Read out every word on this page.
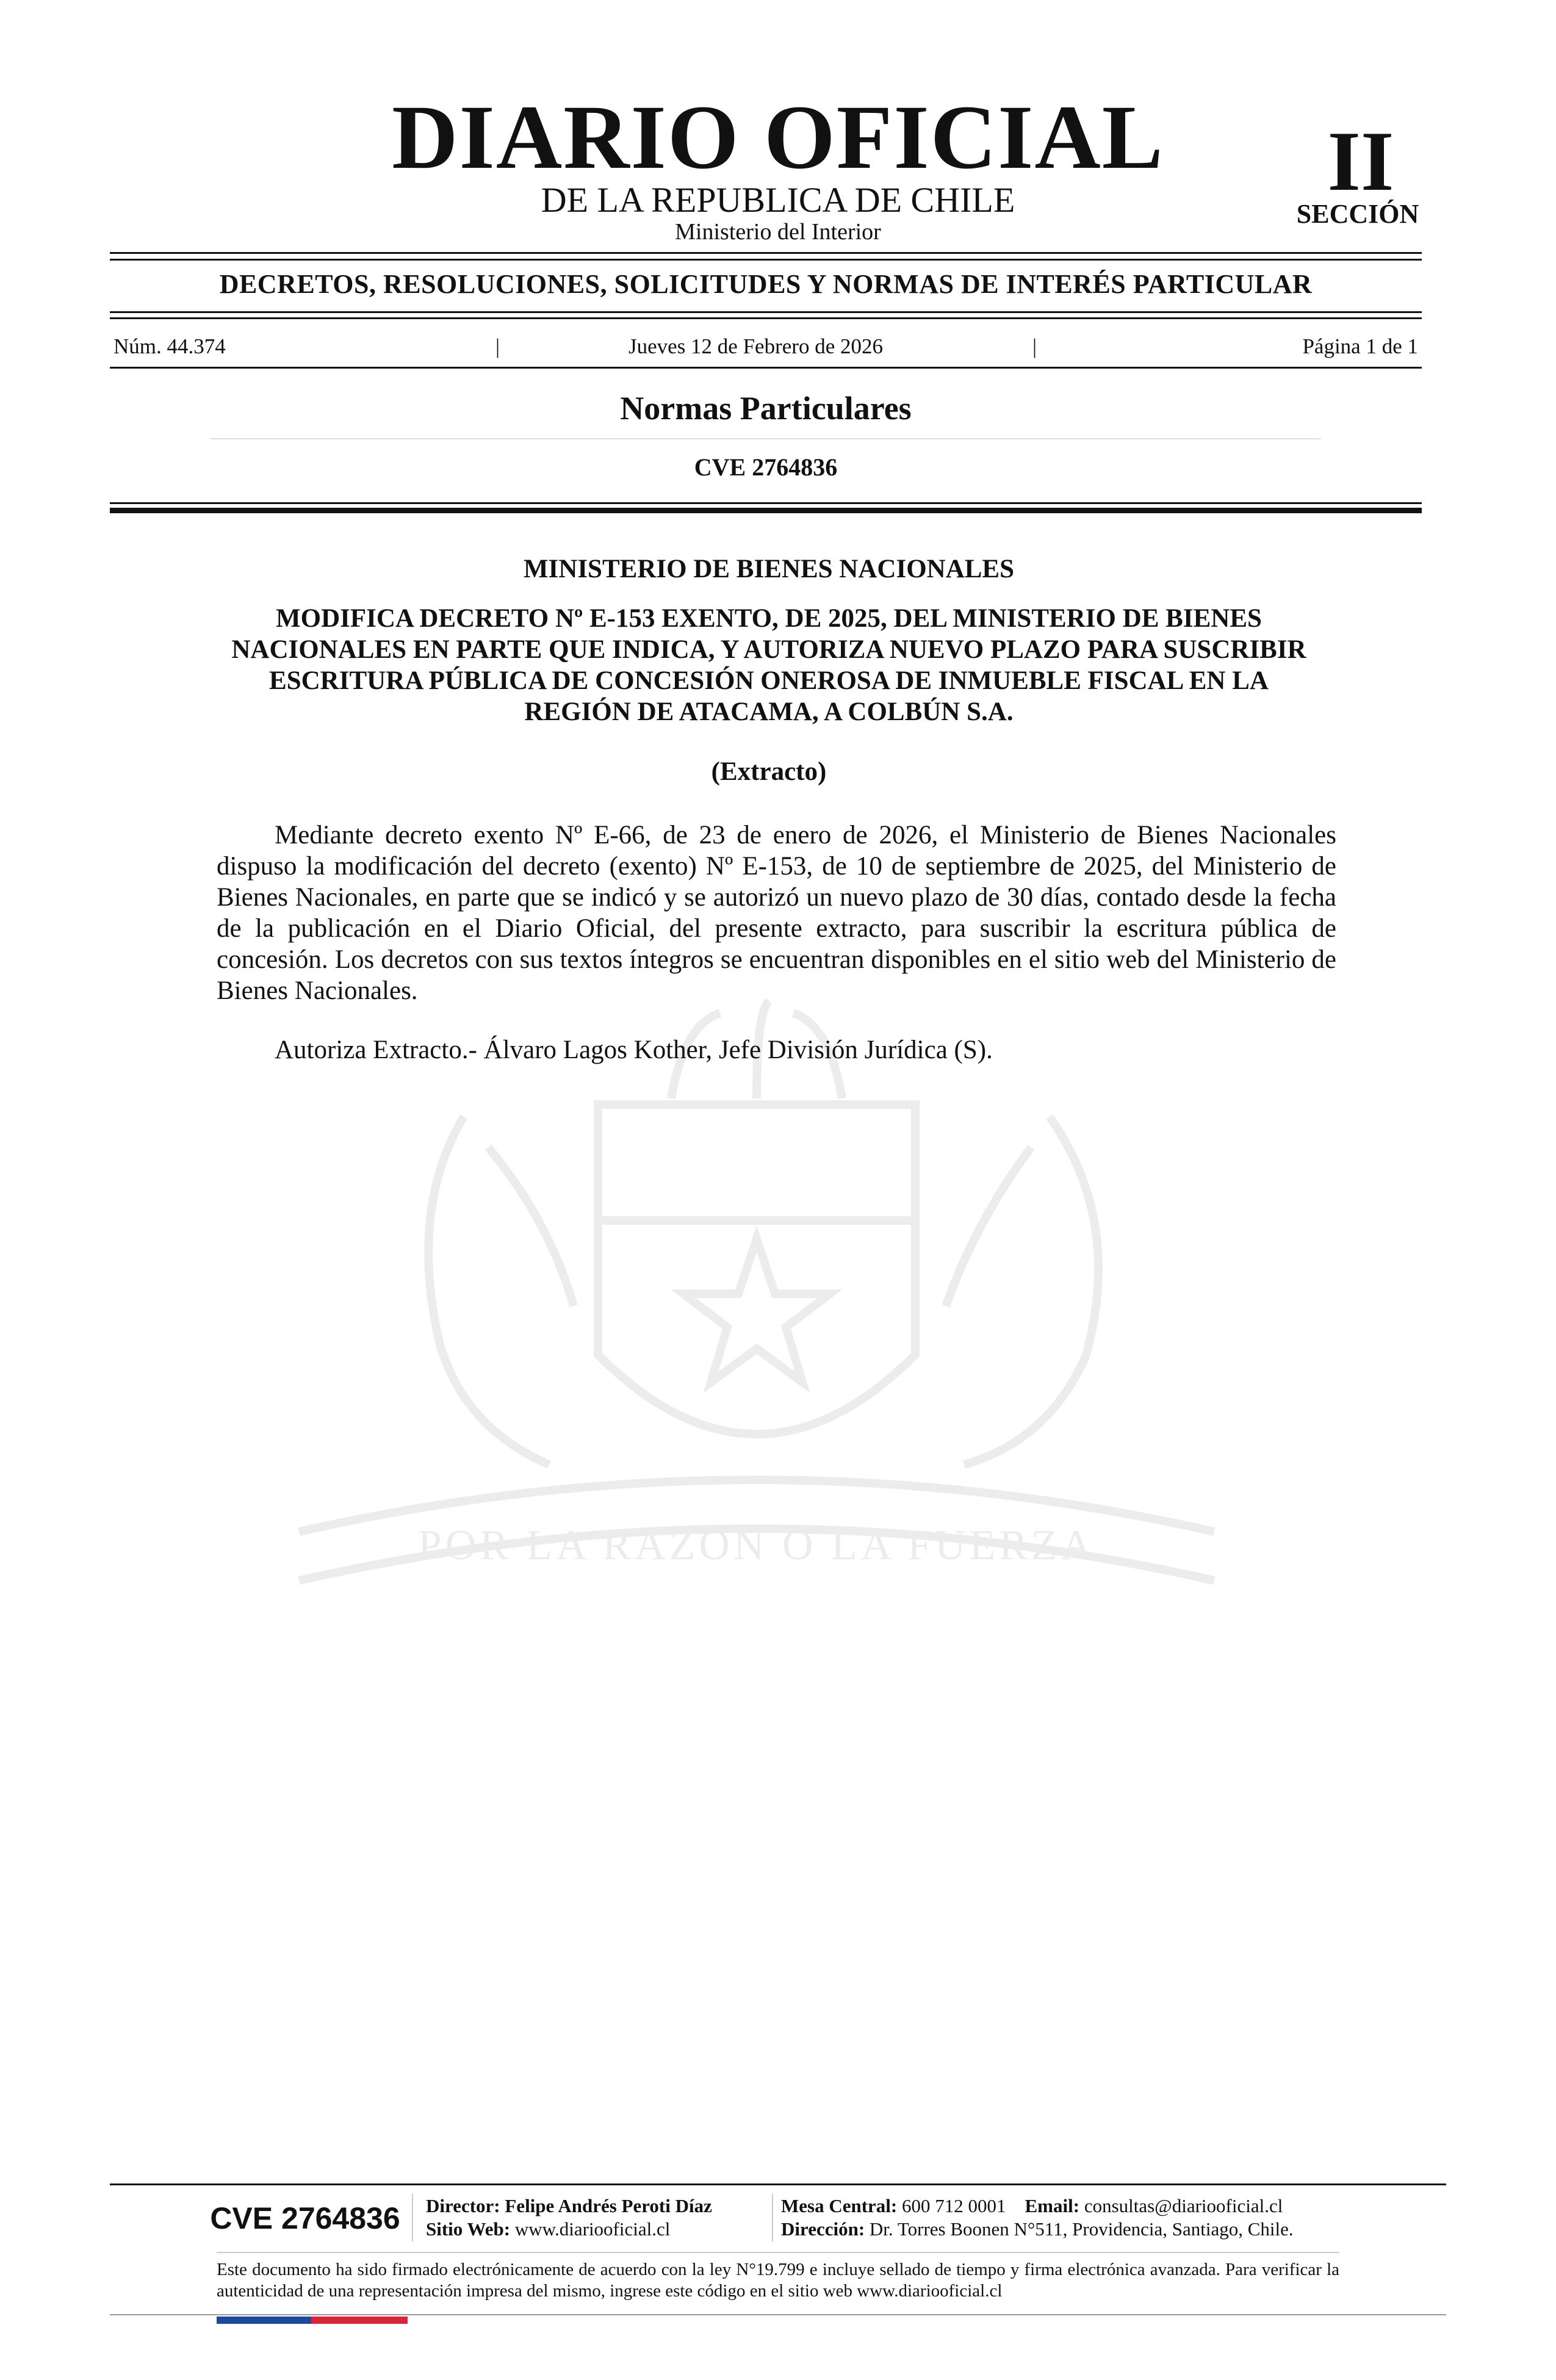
POR LA RAZON O LA FUERZA
DIARIO OFICIAL
DE LA REPUBLICA DE CHILE
Ministerio del Interior
II
SECCIÓN
DECRETOS, RESOLUCIONES, SOLICITUDES Y NORMAS DE INTERÉS PARTICULAR
Núm. 44.374	|	Jueves 12 de Febrero de 2026	|	Página 1 de 1
Normas Particulares
CVE 2764836
MINISTERIO DE BIENES NACIONALES
MODIFICA DECRETO Nº E-153 EXENTO, DE 2025, DEL MINISTERIO DE BIENES NACIONALES EN PARTE QUE INDICA, Y AUTORIZA NUEVO PLAZO PARA SUSCRIBIR ESCRITURA PÚBLICA DE CONCESIÓN ONEROSA DE INMUEBLE FISCAL EN LA REGIÓN DE ATACAMA, A COLBÚN S.A.
(Extracto)
Mediante decreto exento Nº E-66, de 23 de enero de 2026, el Ministerio de Bienes Nacionales dispuso la modificación del decreto (exento) Nº E-153, de 10 de septiembre de 2025, del Ministerio de Bienes Nacionales, en parte que se indicó y se autorizó un nuevo plazo de 30 días, contado desde la fecha de la publicación en el Diario Oficial, del presente extracto, para suscribir la escritura pública de concesión. Los decretos con sus textos íntegros se encuentran disponibles en el sitio web del Ministerio de Bienes Nacionales.
Autoriza Extracto.- Álvaro Lagos Kother, Jefe División Jurídica (S).
CVE 2764836	Director: Felipe Andrés Peroti Díaz
Sitio Web: www.diariooficial.cl
Mesa Central: 600 712 0001 Email: consultas@diariooficial.cl
Dirección: Dr. Torres Boonen N°511, Providencia, Santiago, Chile.
Este documento ha sido firmado electrónicamente de acuerdo con la ley N°19.799 e incluye sellado de tiempo y firma electrónica avanzada. Para verificar la autenticidad de una representación impresa del mismo, ingrese este código en el sitio web www.diariooficial.cl
